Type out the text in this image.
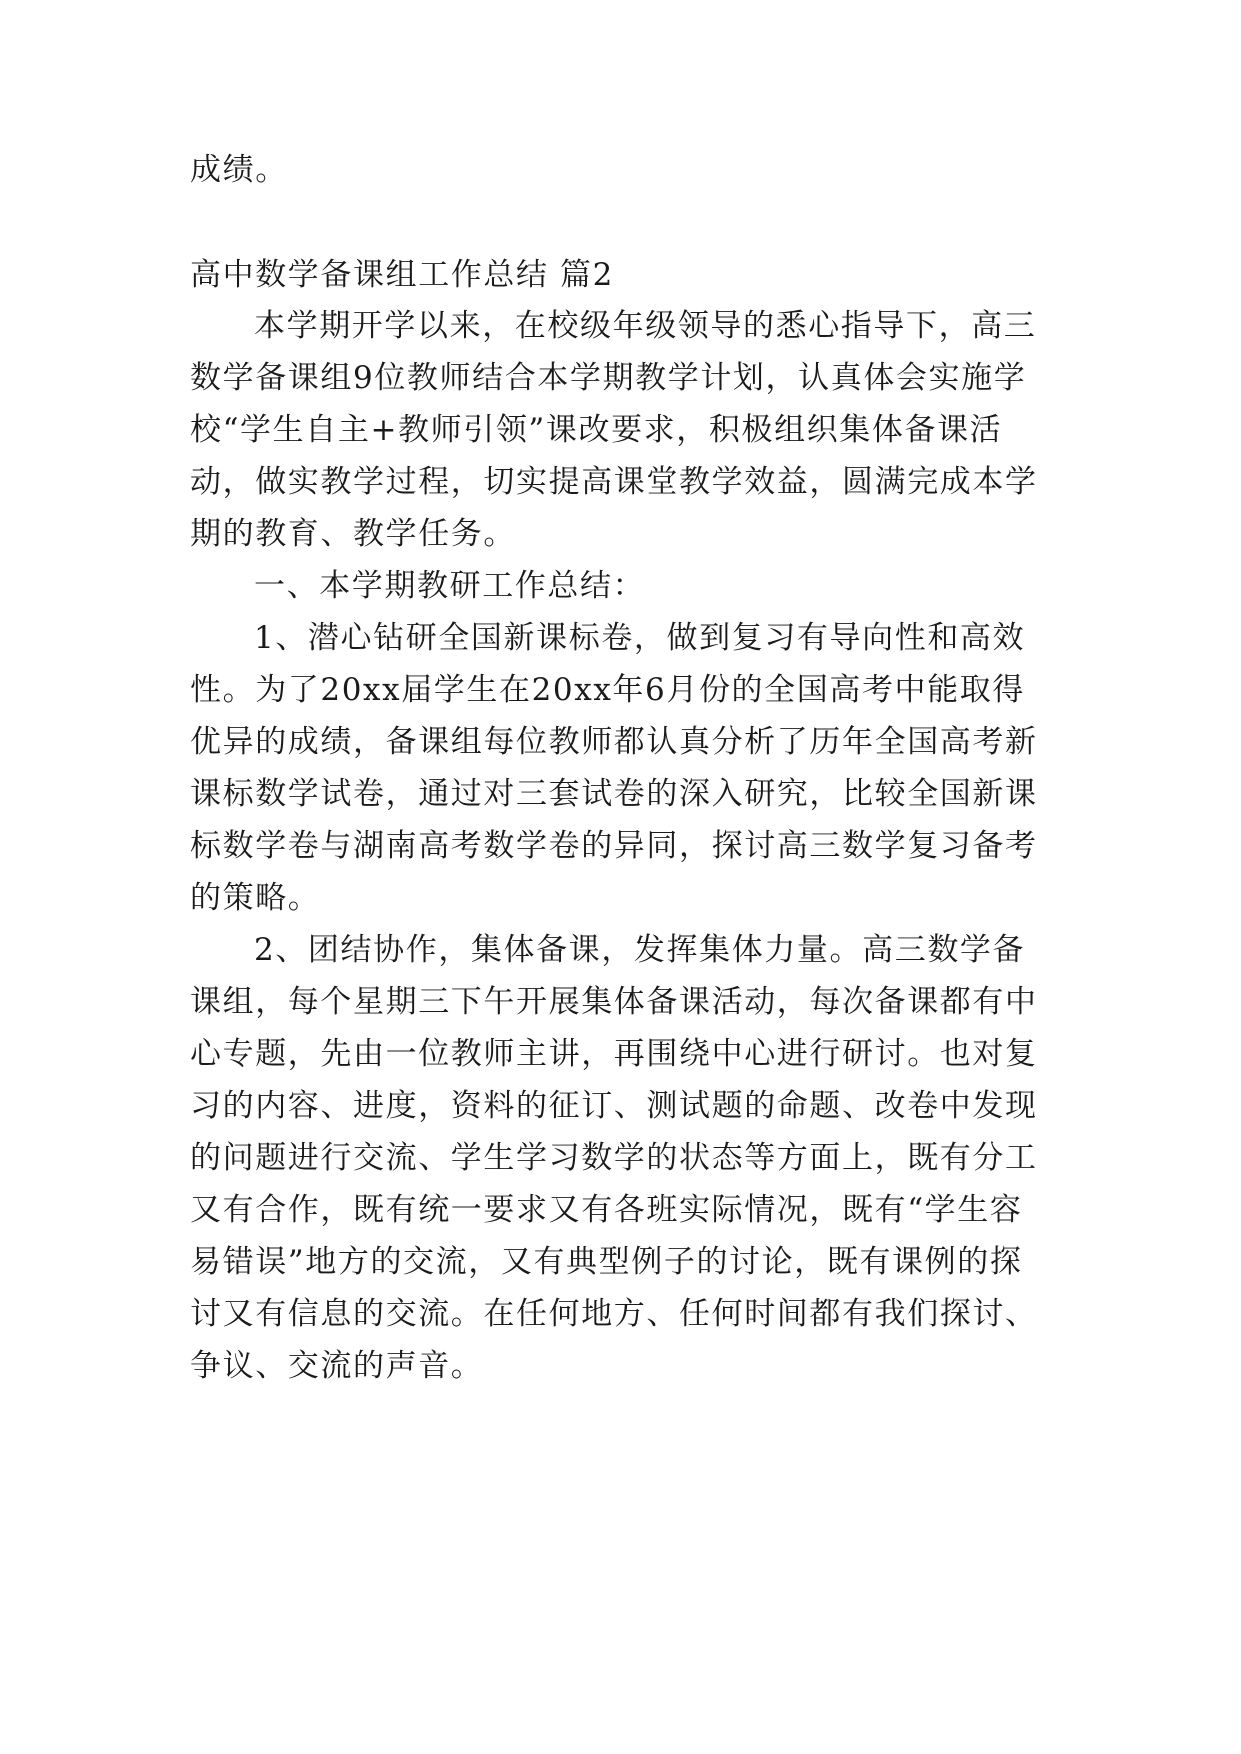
成绩。
高中数学备课组工作总结 篇2
本学期开学以来，在校级年级领导的悉心指导下，高三
数学备课组9位教师结合本学期教学计划，认真体会实施学
校“学生自主+教师引领”课改要求，积极组织集体备课活
动，做实教学过程，切实提高课堂教学效益，圆满完成本学
期的教育、教学任务。
一、本学期教研工作总结：
1、潜心钻研全国新课标卷，做到复习有导向性和高效
性。为了20xx届学生在20xx年6月份的全国高考中能取得
优异的成绩，备课组每位教师都认真分析了历年全国高考新
课标数学试卷，通过对三套试卷的深入研究，比较全国新课
标数学卷与湖南高考数学卷的异同，探讨高三数学复习备考
的策略。
2、团结协作，集体备课，发挥集体力量。高三数学备
课组，每个星期三下午开展集体备课活动，每次备课都有中
心专题，先由一位教师主讲，再围绕中心进行研讨。也对复
习的内容、进度，资料的征订、测试题的命题、改卷中发现
的问题进行交流、学生学习数学的状态等方面上，既有分工
又有合作，既有统一要求又有各班实际情况，既有“学生容
易错误”地方的交流，又有典型例子的讨论，既有课例的探
讨又有信息的交流。在任何地方、任何时间都有我们探讨、
争议、交流的声音。
